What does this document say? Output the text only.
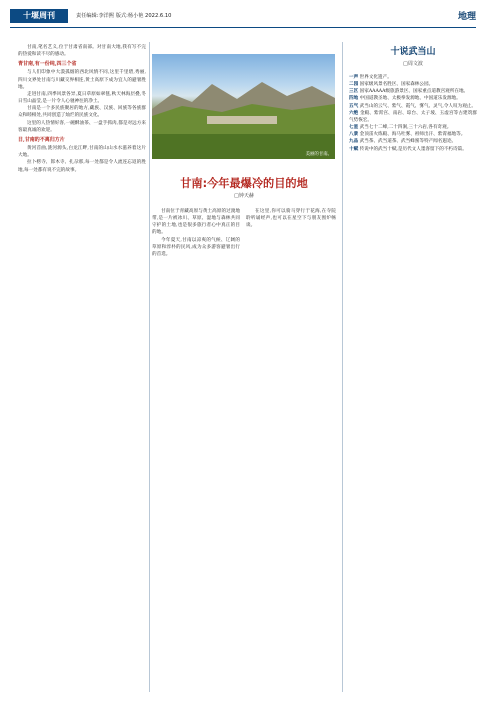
十堰周刊	责任编辑:李洋熙 版式:杨小艳 2022.6.10	地理

甘南,笔名艺义,位于甘肃省南部。对甘南大地,我有写不完的热爱和读不尽的感动。

青甘南,有一份纯,四三个省

与人们印象中大漠孤烟的西北风情不同,这里千里碧,秀丽,四川文界处甘南与川藏交界相连,黄土高原下成为宜人的避暑胜地。

走进甘南,四季风景各异,夏日草原如翠毯,秋天林海层叠,冬日雪山晶莹,是一片令人心驰神往的净土。

甘南是一个多民族聚居的地方,藏族、汉族、回族等各族群众和睦相处,共同创造了灿烂的民族文化。

这里的人热情好客,一碗酥油茶、一盘手抓肉,都是对远方来客最真诚的欢迎。

日,甘南的不离归方片

黄河首曲,洮河源头,白龙江畔,甘南的山山水水滋养着这片大地。

拉卜楞寺、郎木寺、扎尕那,每一处都是令人流连忘返的胜地,每一处都有说不完的故事。

美丽的甘南。
甘南:今年最爆冷的目的地
□钟天赫

甘南位于青藏高原与黄土高原的过渡地带,是一片被冰川、草原、湿地与森林共同守护的土地,也是很多旅行者心中真正的目的地。

今年夏天,甘南以凉爽的气候、辽阔的草原和淳朴的民风,成为众多游客避暑出行的首选。

在这里,你可以骑马穿行于花海,在寺院聆听诵经声,也可以在星空下与朋友围炉畅谈。

十说武当山
□周文波

一声 世界文化遗产。

二园 国家级风景名胜区、国家森林公园。

三区 国家AAAAA级旅游景区、国家重点道教宫观所在地。

四地 中国道教圣地、太极拳发源地、中国道乐发源地。

五气 武当山的云气、紫气、霞气、雾气、灵气,令人叹为观止。

六绝 金殿、紫霄宫、南岩、琼台、太子坡、玉虚宫等古建筑群气势恢宏。

七星 武当七十二峰,二十四涧,三十六岩,各有奇观。

八景 金顶雷火炼殿、海马吐雾、祖师出汗、紫霄福地等。

九品 武当茶、武当道茶、武当蜂蜜等特产闻名遐迩。

十赋 传说中的武当十赋,是历代文人墨客留下的不朽诗篇。
